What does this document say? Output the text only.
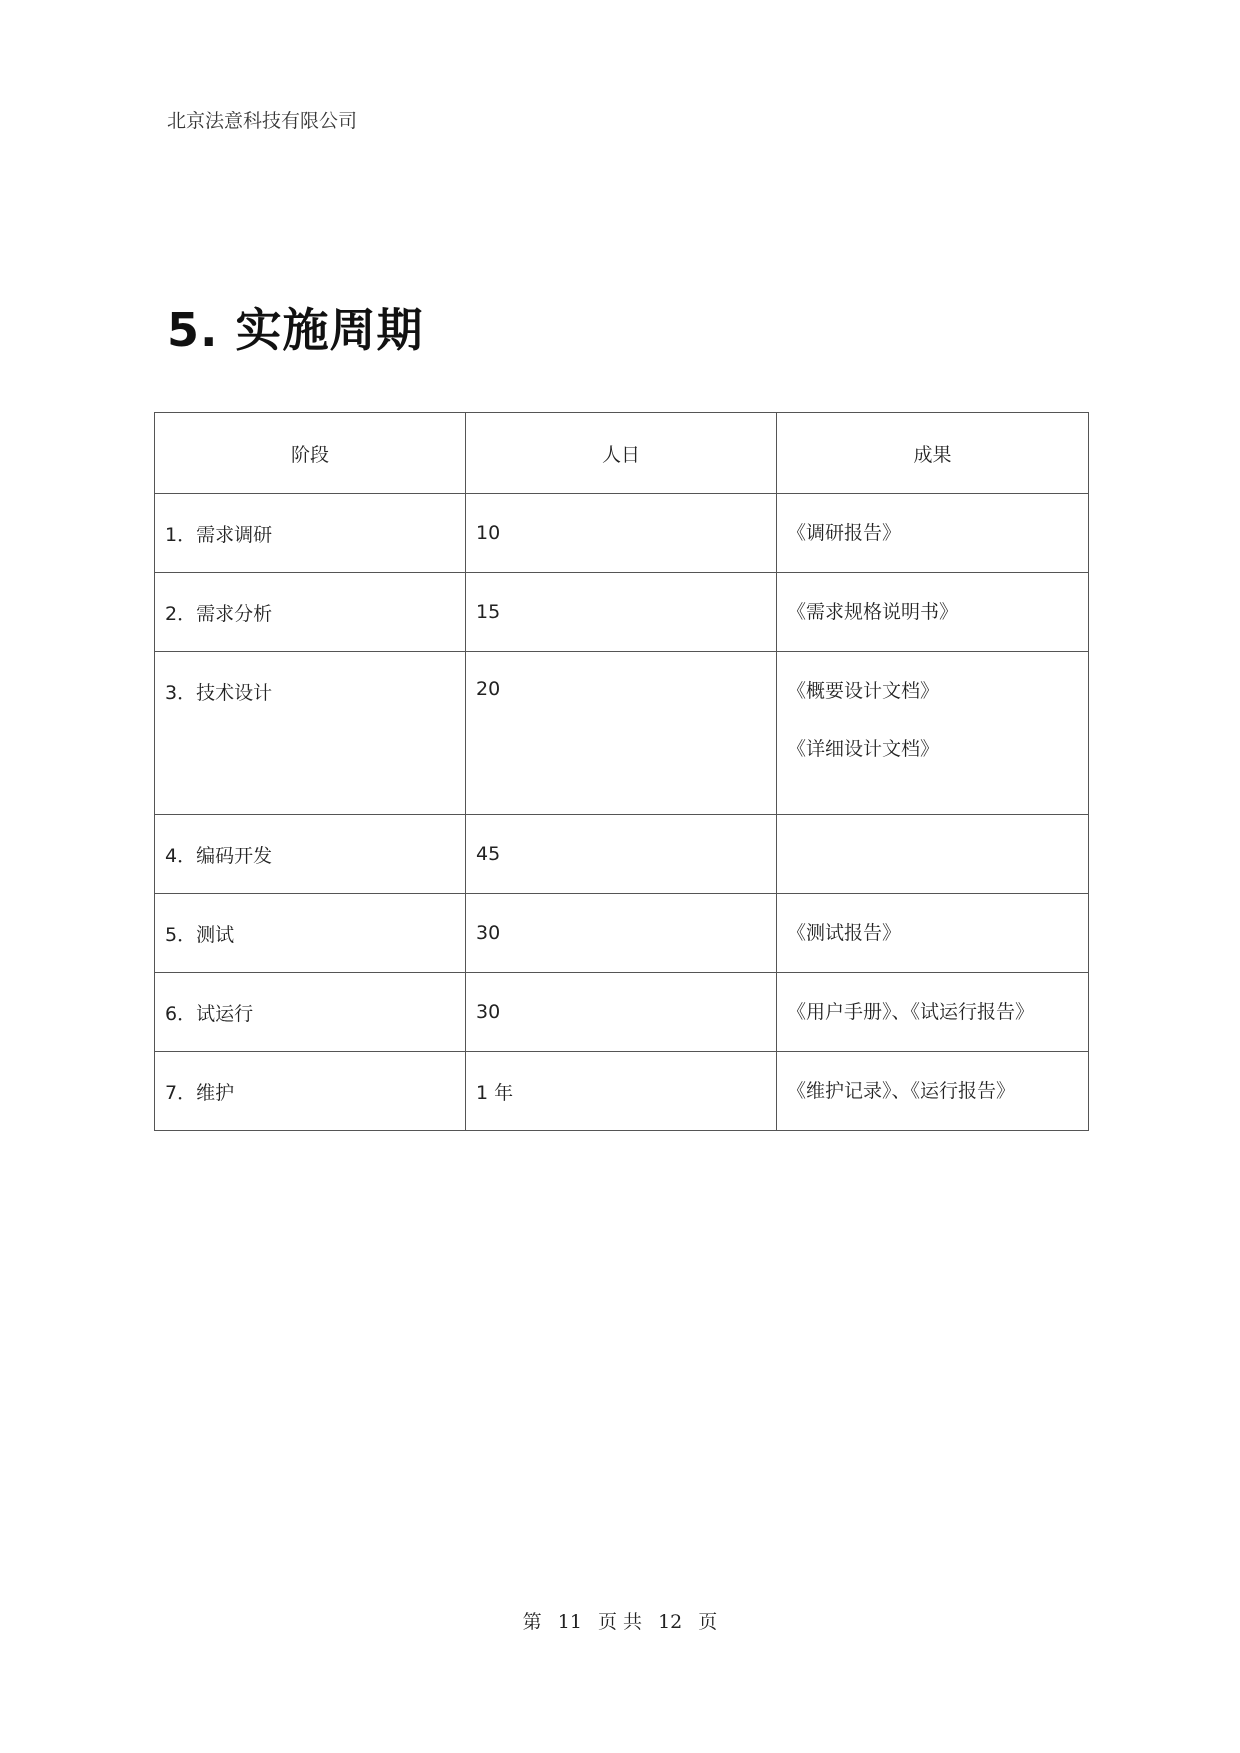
北京法意科技有限公司
5. 实施周期
阶段	人日	成果
1．需求调研	10	《调研报告》

2．需求分析	15	《需求规格说明书》

3．技术设计	20	《概要设计文档》
《详细设计文档》

4．编码开发	45	
5．测试	30	《测试报告》

6．试运行	30	《用户手册》、《试运行报告》

7．维护	1 年	《维护记录》、《运行报告》
第 11 页 共 12 页
